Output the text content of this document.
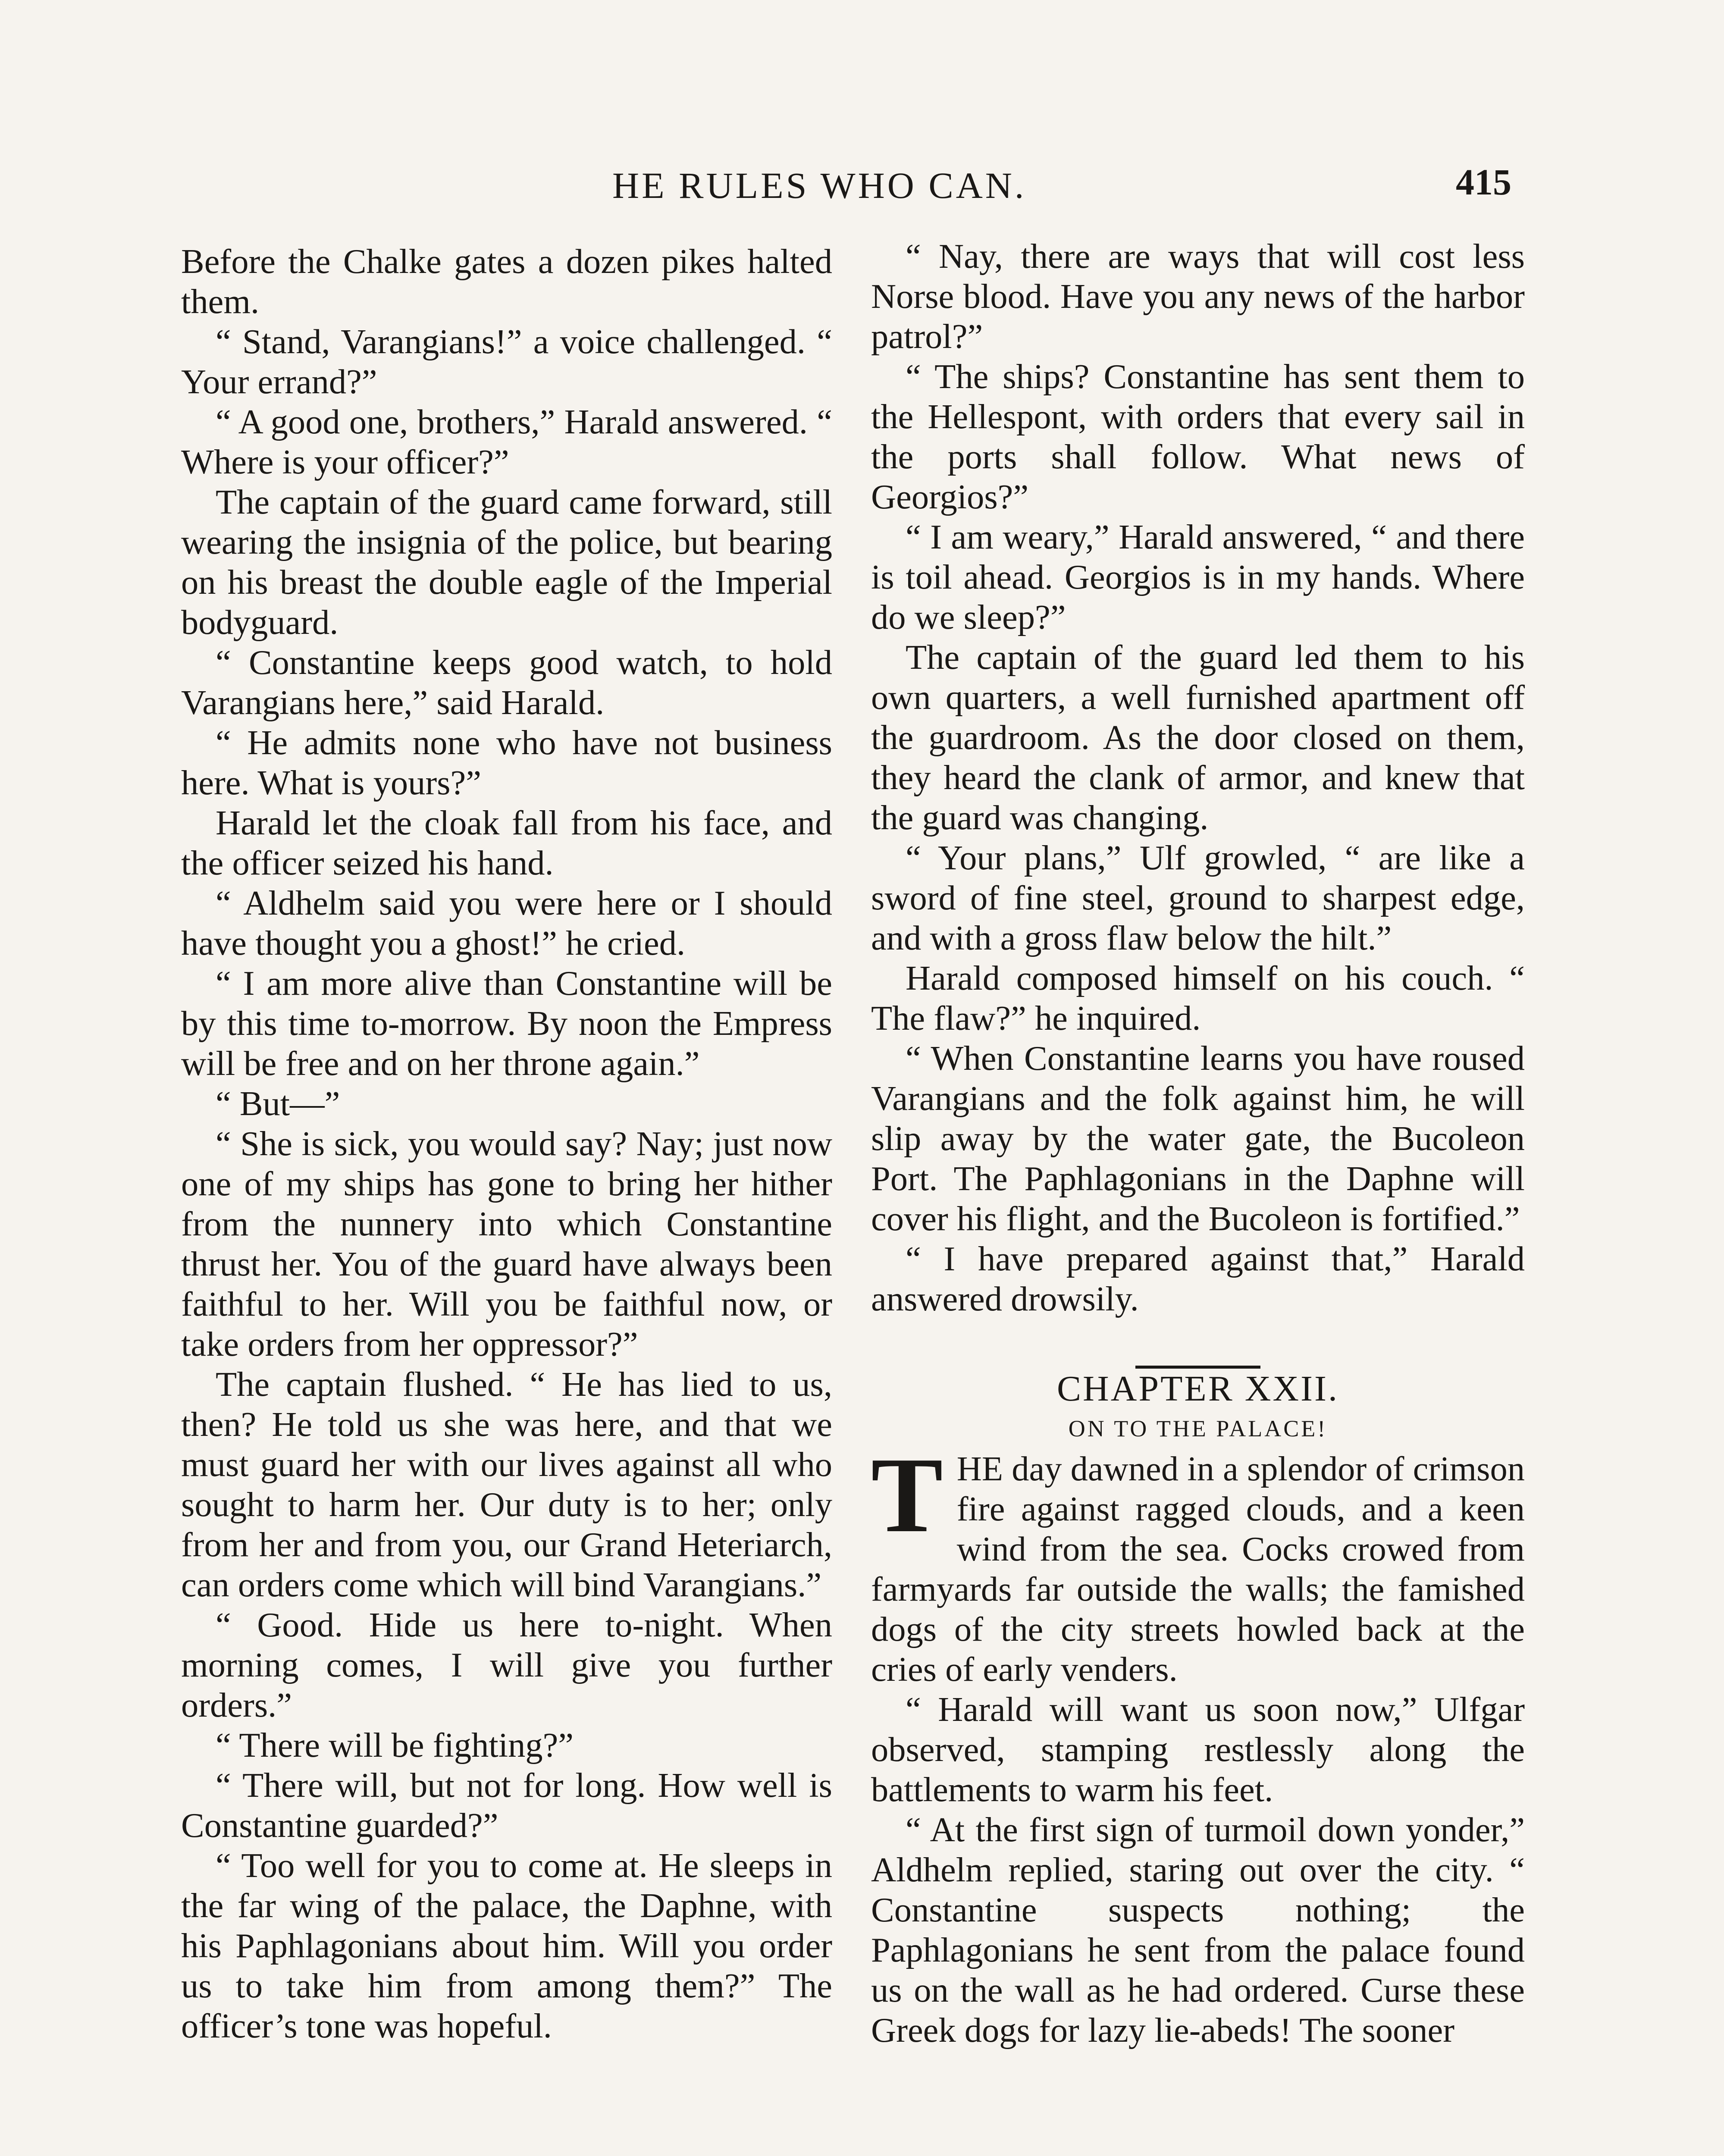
HE RULES WHO CAN.	415

Before the Chalke gates a dozen pikes halted them.

“ Stand, Varangians!” a voice challenged. “ Your errand?”

“ A good one, brothers,” Harald answered. “ Where is your officer?”

The captain of the guard came forward, still wearing the insignia of the police, but bearing on his breast the double eagle of the Imperial bodyguard.

“ Constantine keeps good watch, to hold Varangians here,” said Harald.

“ He admits none who have not business here. What is yours?”

Harald let the cloak fall from his face, and the officer seized his hand.

“ Aldhelm said you were here or I should have thought you a ghost!” he cried.

“ I am more alive than Constantine will be by this time to-morrow. By noon the Empress will be free and on her throne again.”

“ But—”

“ She is sick, you would say? Nay; just now one of my ships has gone to bring her hither from the nunnery into which Constantine thrust her. You of the guard have always been faithful to her. Will you be faithful now, or take orders from her oppressor?”

The captain flushed. “ He has lied to us, then? He told us she was here, and that we must guard her with our lives against all who sought to harm her. Our duty is to her; only from her and from you, our Grand Heteriarch, can orders come which will bind Varangians.”

“ Good. Hide us here to-night. When morning comes, I will give you further orders.”

“ There will be fighting?”

“ There will, but not for long. How well is Constantine guarded?”

“ Too well for you to come at. He sleeps in the far wing of the palace, the Daphne, with his Paphlagonians about him. Will you order us to take him from among them?” The officer’s tone was hopeful.

“ Nay, there are ways that will cost less Norse blood. Have you any news of the harbor patrol?”

“ The ships? Constantine has sent them to the Hellespont, with orders that every sail in the ports shall follow. What news of Georgios?”

“ I am weary,” Harald answered, “ and there is toil ahead. Georgios is in my hands. Where do we sleep?”

The captain of the guard led them to his own quarters, a well furnished apartment off the guardroom. As the door closed on them, they heard the clank of armor, and knew that the guard was changing.

“ Your plans,” Ulf growled, “ are like a sword of fine steel, ground to sharpest edge, and with a gross flaw below the hilt.”

Harald composed himself on his couch. “ The flaw?” he inquired.

“ When Constantine learns you have roused Varangians and the folk against him, he will slip away by the water gate, the Bucoleon Port. The Paphlagonians in the Daphne will cover his flight, and the Bucoleon is fortified.”

“ I have prepared against that,” Harald answered drowsily.

CHAPTER XXII.

ON TO THE PALACE!

THE day dawned in a splendor of crimson fire against ragged clouds, and a keen wind from the sea. Cocks crowed from farmyards far outside the walls; the famished dogs of the city streets howled back at the cries of early venders.

“ Harald will want us soon now,” Ulfgar observed, stamping restlessly along the battlements to warm his feet.

“ At the first sign of turmoil down yonder,” Aldhelm replied, staring out over the city. “ Constantine suspects nothing; the Paphlagonians he sent from the palace found us on the wall as he had ordered. Curse these Greek dogs for lazy lie-abeds! The sooner
